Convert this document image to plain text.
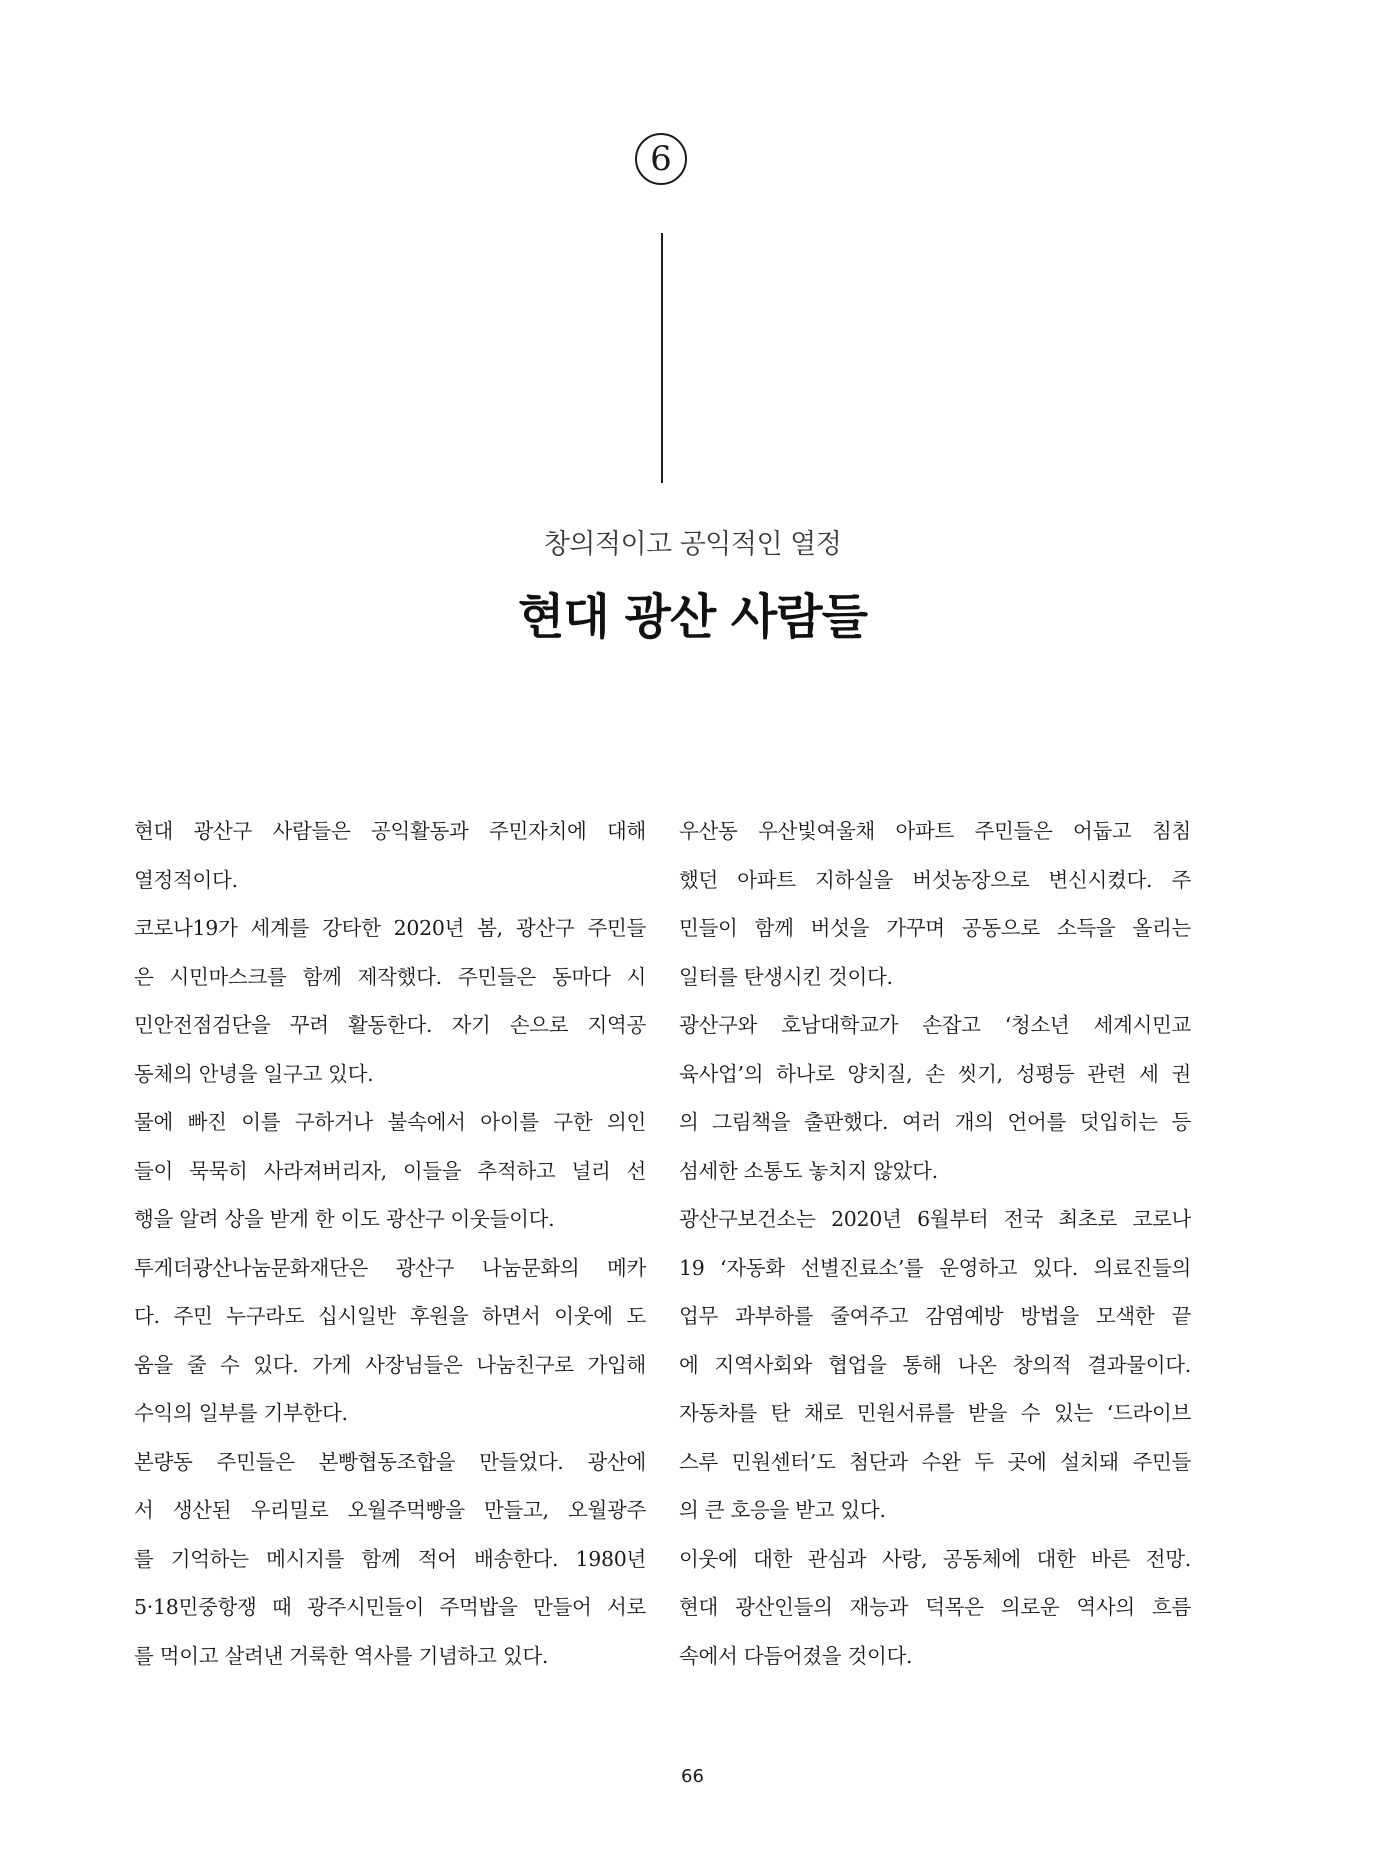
6
창의적이고 공익적인 열정
현대 광산 사람들
현대 광산구 사람들은 공익활동과 주민자치에 대해
열정적이다.
코로나19가 세계를 강타한 2020년 봄, 광산구 주민들
은 시민마스크를 함께 제작했다. 주민들은 동마다 시
민안전점검단을 꾸려 활동한다. 자기 손으로 지역공
동체의 안녕을 일구고 있다.
물에 빠진 이를 구하거나 불속에서 아이를 구한 의인
들이 묵묵히 사라져버리자, 이들을 추적하고 널리 선
행을 알려 상을 받게 한 이도 광산구 이웃들이다.
투게더광산나눔문화재단은 광산구 나눔문화의 메카
다. 주민 누구라도 십시일반 후원을 하면서 이웃에 도
움을 줄 수 있다. 가게 사장님들은 나눔친구로 가입해
수익의 일부를 기부한다.
본량동 주민들은 본빵협동조합을 만들었다. 광산에
서 생산된 우리밀로 오월주먹빵을 만들고, 오월광주
를 기억하는 메시지를 함께 적어 배송한다. 1980년
5·18민중항쟁 때 광주시민들이 주먹밥을 만들어 서로
를 먹이고 살려낸 거룩한 역사를 기념하고 있다.
우산동 우산빛여울채 아파트 주민들은 어둡고 침침
했던 아파트 지하실을 버섯농장으로 변신시켰다. 주
민들이 함께 버섯을 가꾸며 공동으로 소득을 올리는
일터를 탄생시킨 것이다.
광산구와 호남대학교가 손잡고 ‘청소년 세계시민교
육사업’의 하나로 양치질, 손 씻기, 성평등 관련 세 권
의 그림책을 출판했다. 여러 개의 언어를 덧입히는 등
섬세한 소통도 놓치지 않았다.
광산구보건소는 2020년 6월부터 전국 최초로 코로나
19 ‘자동화 선별진료소’를 운영하고 있다. 의료진들의
업무 과부하를 줄여주고 감염예방 방법을 모색한 끝
에 지역사회와 협업을 통해 나온 창의적 결과물이다.
자동차를 탄 채로 민원서류를 받을 수 있는 ‘드라이브
스루 민원센터’도 첨단과 수완 두 곳에 설치돼 주민들
의 큰 호응을 받고 있다.
이웃에 대한 관심과 사랑, 공동체에 대한 바른 전망.
현대 광산인들의 재능과 덕목은 의로운 역사의 흐름
속에서 다듬어졌을 것이다.
66
